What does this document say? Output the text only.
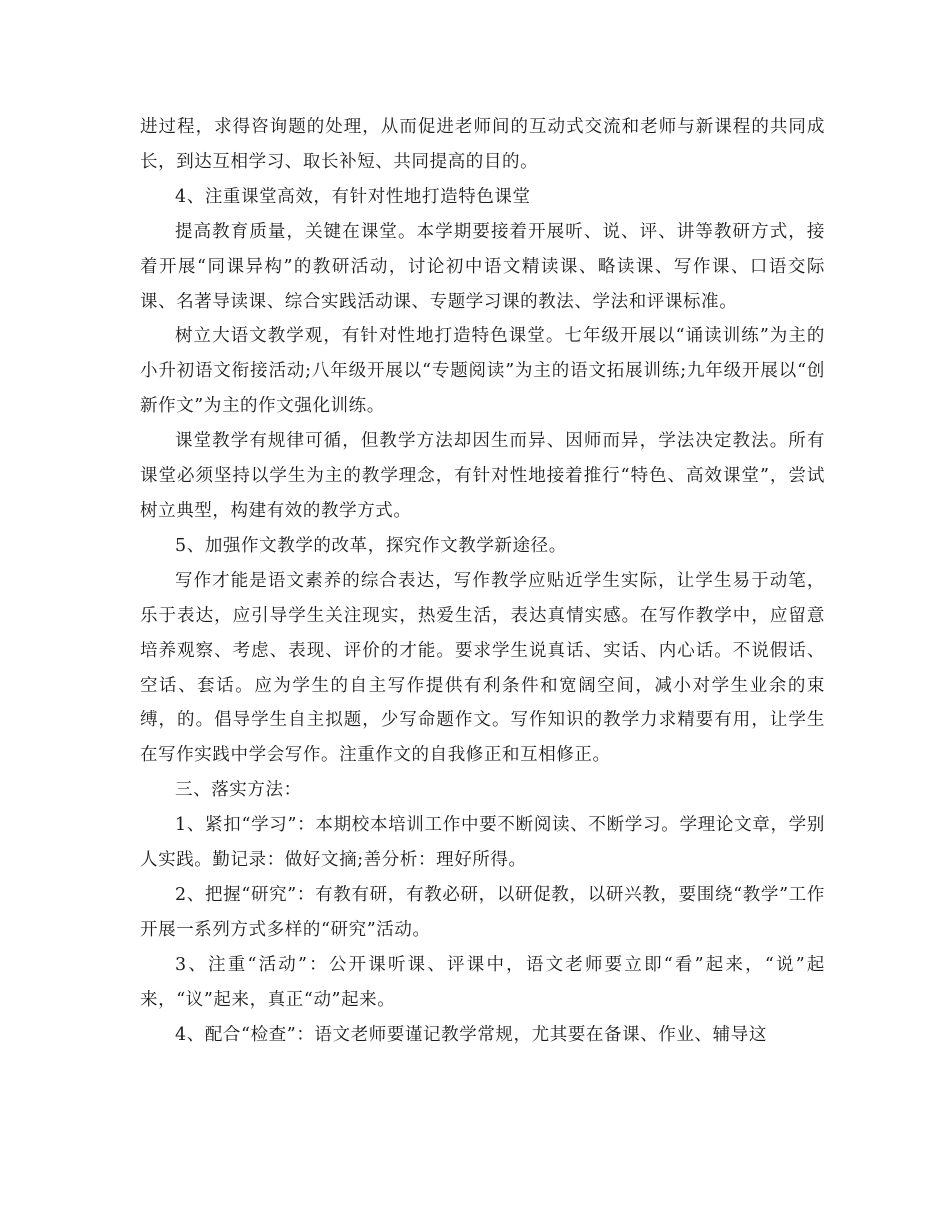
进过程，求得咨询题的处理，从而促进老师间的互动式交流和老师与新课程的共同成长，到达互相学习、取长补短、共同提高的目的。

4、注重课堂高效，有针对性地打造特色课堂

提高教育质量，关键在课堂。本学期要接着开展听、说、评、讲等教研方式，接着开展“同课异构”的教研活动，讨论初中语文精读课、略读课、写作课、口语交际课、名著导读课、综合实践活动课、专题学习课的教法、学法和评课标准。

树立大语文教学观，有针对性地打造特色课堂。七年级开展以“诵读训练”为主的小升初语文衔接活动;八年级开展以“专题阅读”为主的语文拓展训练;九年级开展以“创新作文”为主的作文强化训练。

课堂教学有规律可循，但教学方法却因生而异、因师而异，学法决定教法。所有课堂必须坚持以学生为主的教学理念，有针对性地接着推行“特色、高效课堂”，尝试树立典型，构建有效的教学方式。

5、加强作文教学的改革，探究作文教学新途径。

写作才能是语文素养的综合表达，写作教学应贴近学生实际，让学生易于动笔，乐于表达，应引导学生关注现实，热爱生活，表达真情实感。在写作教学中，应留意培养观察、考虑、表现、评价的才能。要求学生说真话、实话、内心话。不说假话、空话、套话。应为学生的自主写作提供有利条件和宽阔空间，减小对学生业余的束缚，的。倡导学生自主拟题，少写命题作文。写作知识的教学力求精要有用，让学生在写作实践中学会写作。注重作文的自我修正和互相修正。

三、落实方法：

1、紧扣“学习”：本期校本培训工作中要不断阅读、不断学习。学理论文章，学别人实践。勤记录：做好文摘;善分析：理好所得。

2、把握“研究”：有教有研，有教必研，以研促教，以研兴教，要围绕“教学”工作开展一系列方式多样的“研究”活动。

3、注重“活动”：公开课听课、评课中，语文老师要立即“看”起来，“说”起来，“议”起来，真正“动”起来。

4、配合“检查”：语文老师要谨记教学常规，尤其要在备课、作业、辅导这
